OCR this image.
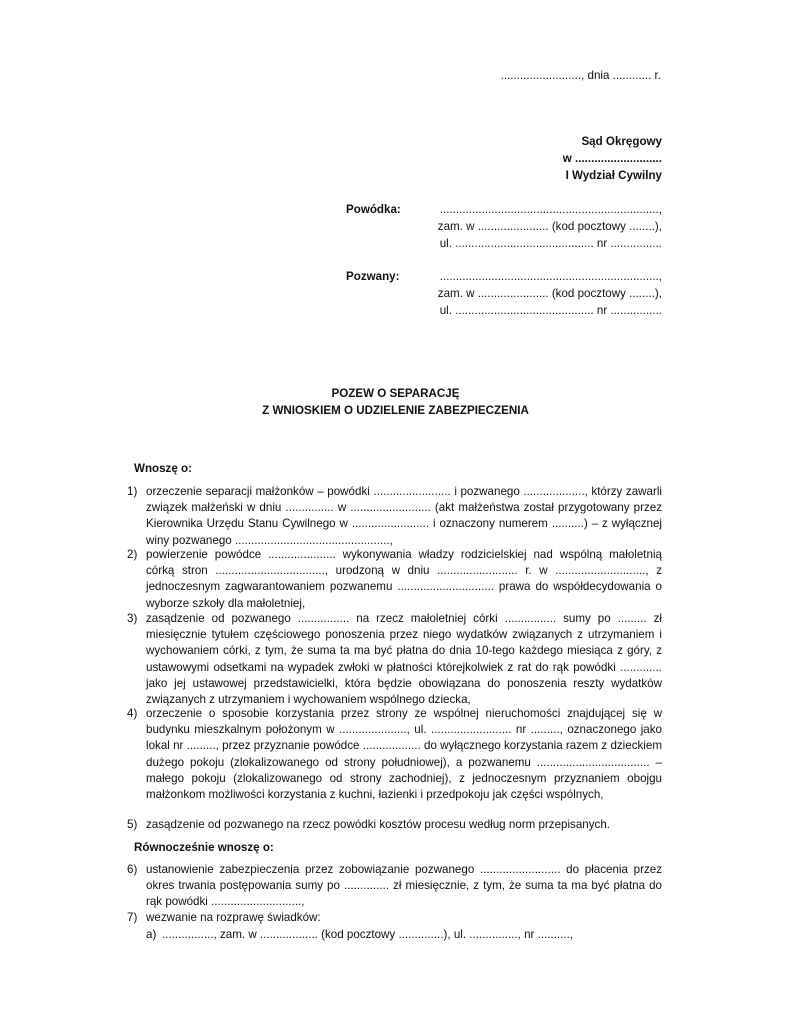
........................., dnia ............ r.
Sąd Okręgowy
w ...........................
I Wydział Cywilny
Powódka:	....................................................................,
zam. w ...................... (kod pocztowy ........),
ul. ........................................... nr ................
Pozwany:	....................................................................,
zam. w ...................... (kod pocztowy ........),
ul. ........................................... nr ................
POZEW O SEPARACJĘ
Z WNIOSKIEM O UDZIELENIE ZABEZPIECZENIA
Wnoszę o:
1) orzeczenie separacji małżonków – powódki ........................ i pozwanego ..................., którzy zawarli związek małżeński w dniu ............... w ......................... (akt małżeństwa został przygotowany przez Kierownika Urzędu Stanu Cywilnego w ........................ i oznaczony numerem ..........) – z wyłącznej winy pozwanego ................................................,
2) powierzenie powódce ..................... wykonywania władzy rodzicielskiej nad wspólną małoletnią córką stron .................................., urodzoną w dniu ......................... r. w ............................, z jednoczesnym zagwarantowaniem pozwanemu .............................. prawa do współdecydowania o wyborze szkoły dla małoletniej,
3) zasądzenie od pozwanego ................ na rzecz małoletniej córki ................ sumy po ......... zł miesięcznie tytułem częściowego ponoszenia przez niego wydatków związanych z utrzymaniem i wychowaniem córki, z tym, że suma ta ma być płatna do dnia 10-tego każdego miesiąca z góry, z ustawowymi odsetkami na wypadek zwłoki w płatności którejkolwiek z rat do rąk powódki ............. jako jej ustawowej przedstawicielki, która będzie obowiązana do ponoszenia reszty wydatków związanych z utrzymaniem i wychowaniem wspólnego dziecka,
4) orzeczenie o sposobie korzystania przez strony ze wspólnej nieruchomości znajdującej się w budynku mieszkalnym położonym w ....................., ul. ......................... nr ........., oznaczonego jako lokal nr ........., przez przyznanie powódce .................. do wyłącznego korzystania razem z dzieckiem dużego pokoju (zlokalizowanego od strony południowej), a pozwanemu ................................... – małego pokoju (zlokalizowanego od strony zachodniej), z jednoczesnym przyznaniem obojgu małżonkom możliwości korzystania z kuchni, łazienki i przedpokoju jak części wspólnych,
5) zasądzenie od pozwanego na rzecz powódki kosztów procesu według norm przepisanych.
Równocześnie wnoszę o:
6) ustanowienie zabezpieczenia przez zobowiązanie pozwanego ......................... do płacenia przez okres trwania postępowania sumy po .............. zł miesięcznie, z tym, że suma ta ma być płatna do rąk powódki ............................,
7) wezwanie na rozprawę świadków:
a) ................, zam. w .................. (kod pocztowy ..............), ul. ..............., nr ..........,
